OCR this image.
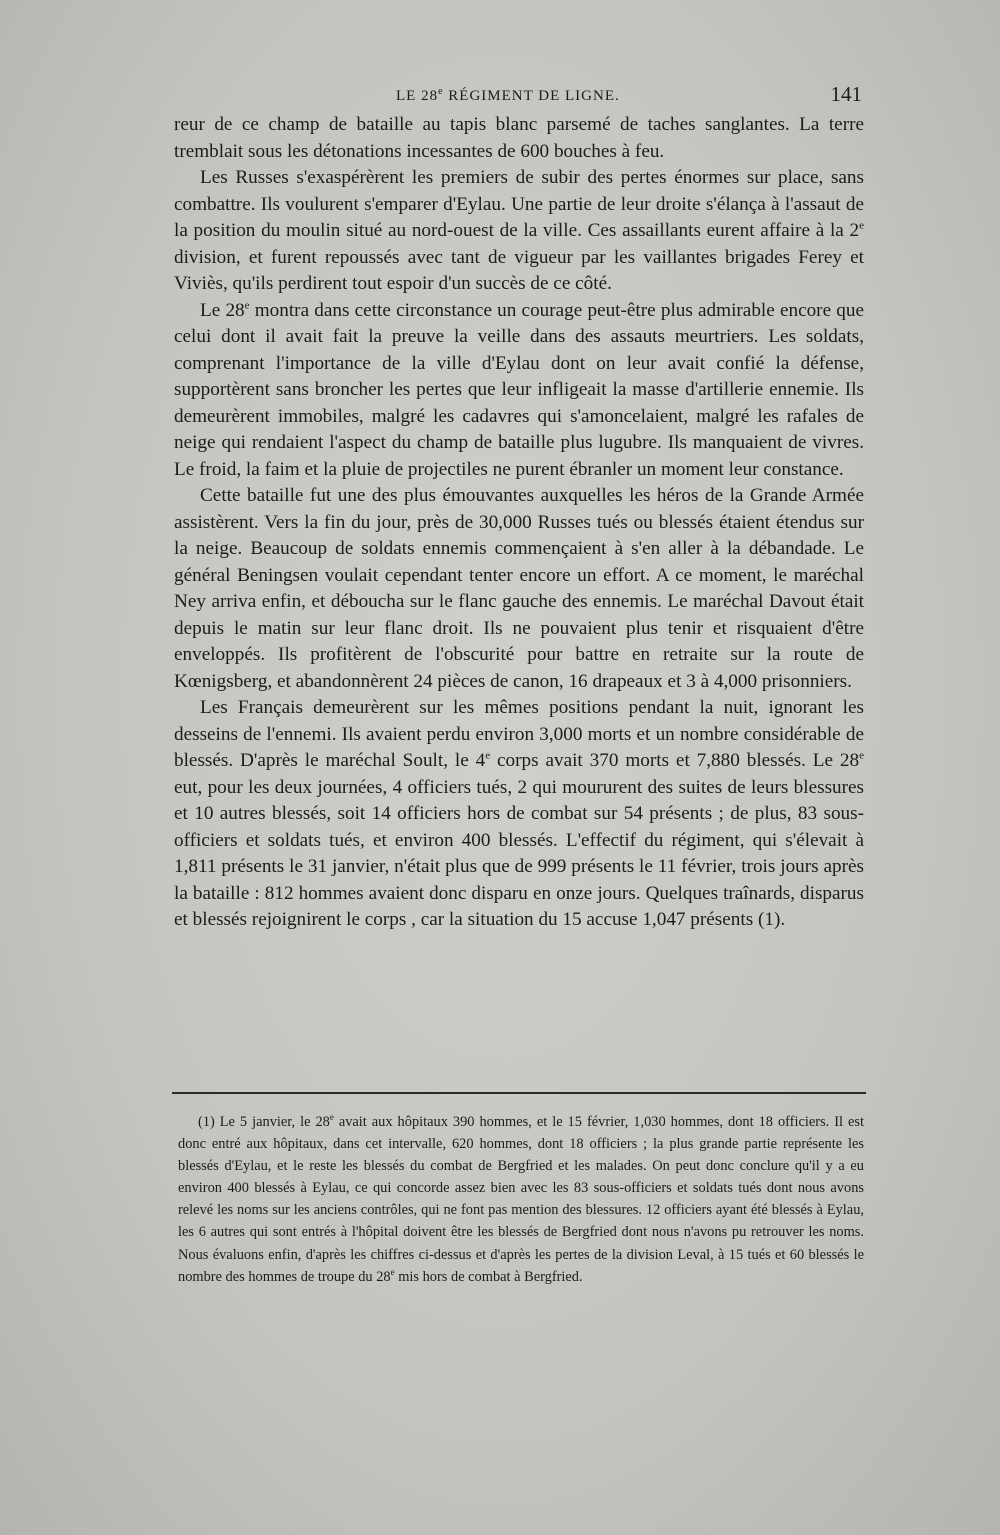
LE 28e RÉGIMENT DE LIGNE.	141

reur de ce champ de bataille au tapis blanc parsemé de taches sanglantes. La terre tremblait sous les détonations incessantes de 600 bouches à feu.

Les Russes s'exaspérèrent les premiers de subir des pertes énormes sur place, sans combattre. Ils voulurent s'emparer d'Eylau. Une partie de leur droite s'élança à l'assaut de la position du moulin situé au nord-ouest de la ville. Ces assaillants eurent affaire à la 2e division, et furent repoussés avec tant de vigueur par les vaillantes brigades Ferey et Viviès, qu'ils perdirent tout espoir d'un succès de ce côté.

Le 28e montra dans cette circonstance un courage peut-être plus admirable encore que celui dont il avait fait la preuve la veille dans des assauts meurtriers. Les soldats, comprenant l'importance de la ville d'Eylau dont on leur avait confié la défense, supportèrent sans broncher les pertes que leur infligeait la masse d'artillerie ennemie. Ils demeurèrent immobiles, malgré les cadavres qui s'amoncelaient, malgré les rafales de neige qui rendaient l'aspect du champ de bataille plus lugubre. Ils manquaient de vivres. Le froid, la faim et la pluie de projectiles ne purent ébranler un moment leur constance.

Cette bataille fut une des plus émouvantes auxquelles les héros de la Grande Armée assistèrent. Vers la fin du jour, près de 30,000 Russes tués ou blessés étaient étendus sur la neige. Beaucoup de soldats ennemis commençaient à s'en aller à la débandade. Le général Beningsen voulait cependant tenter encore un effort. A ce moment, le maréchal Ney arriva enfin, et déboucha sur le flanc gauche des ennemis. Le maréchal Davout était depuis le matin sur leur flanc droit. Ils ne pouvaient plus tenir et risquaient d'être enveloppés. Ils profitèrent de l'obscurité pour battre en retraite sur la route de Kœnigsberg, et abandonnèrent 24 pièces de canon, 16 drapeaux et 3 à 4,000 prisonniers.

Les Français demeurèrent sur les mêmes positions pendant la nuit, ignorant les desseins de l'ennemi. Ils avaient perdu environ 3,000 morts et un nombre considérable de blessés. D'après le maréchal Soult, le 4e corps avait 370 morts et 7,880 blessés. Le 28e eut, pour les deux journées, 4 officiers tués, 2 qui moururent des suites de leurs blessures et 10 autres blessés, soit 14 officiers hors de combat sur 54 présents ; de plus, 83 sous-officiers et soldats tués, et environ 400 blessés. L'effectif du régiment, qui s'élevait à 1,811 présents le 31 janvier, n'était plus que de 999 présents le 11 février, trois jours après la bataille : 812 hommes avaient donc disparu en onze jours. Quelques traînards, disparus et blessés rejoignirent le corps , car la situation du 15 accuse 1,047 présents (1).

(1) Le 5 janvier, le 28e avait aux hôpitaux 390 hommes, et le 15 février, 1,030 hommes, dont 18 officiers. Il est donc entré aux hôpitaux, dans cet intervalle, 620 hommes, dont 18 officiers ; la plus grande partie représente les blessés d'Eylau, et le reste les blessés du combat de Bergfried et les malades. On peut donc conclure qu'il y a eu environ 400 blessés à Eylau, ce qui concorde assez bien avec les 83 sous-officiers et soldats tués dont nous avons relevé les noms sur les anciens contrôles, qui ne font pas mention des blessures. 12 officiers ayant été blessés à Eylau, les 6 autres qui sont entrés à l'hôpital doivent être les blessés de Bergfried dont nous n'avons pu retrouver les noms. Nous évaluons enfin, d'après les chiffres ci-dessus et d'après les pertes de la division Leval, à 15 tués et 60 blessés le nombre des hommes de troupe du 28e mis hors de combat à Bergfried.
